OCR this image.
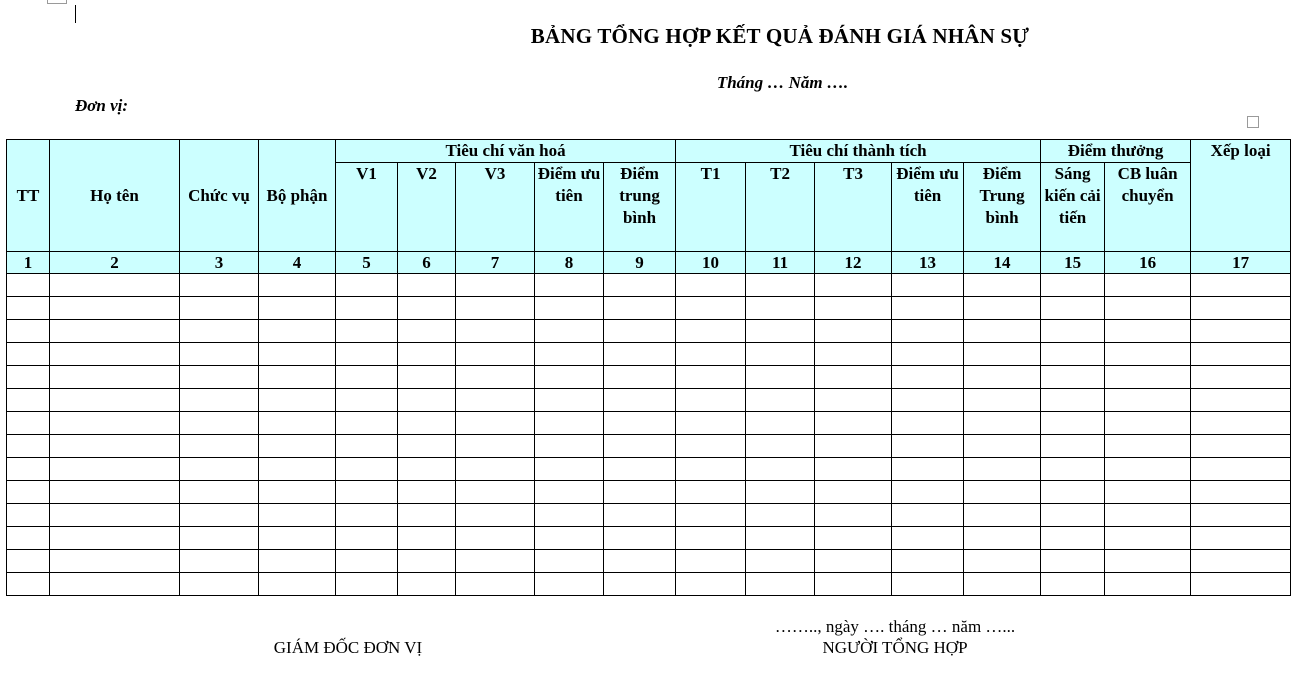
BẢNG TỔNG HỢP KẾT QUẢ ĐÁNH GIÁ NHÂN SỰ
Tháng … Năm ….
Đơn vị:
TT	Họ tên	Chức vụ	Bộ phận	Tiêu chí văn hoá					Tiêu chí thành tích					Điểm thưởng		Xếp loại
				V1	V2	V3	Điểm ưu tiên	Điểm trung bình	T1	T2	T3	Điểm ưu tiên	Điểm Trung bình	Sáng kiến cải tiến	CB luân chuyển	
1	2	3	4	5	6	7	8	9	10	11	12	13	14	15	16	17

GIÁM ĐỐC ĐƠN VỊ
…….., ngày …. tháng … năm …...
NGƯỜI TỔNG HỢP
